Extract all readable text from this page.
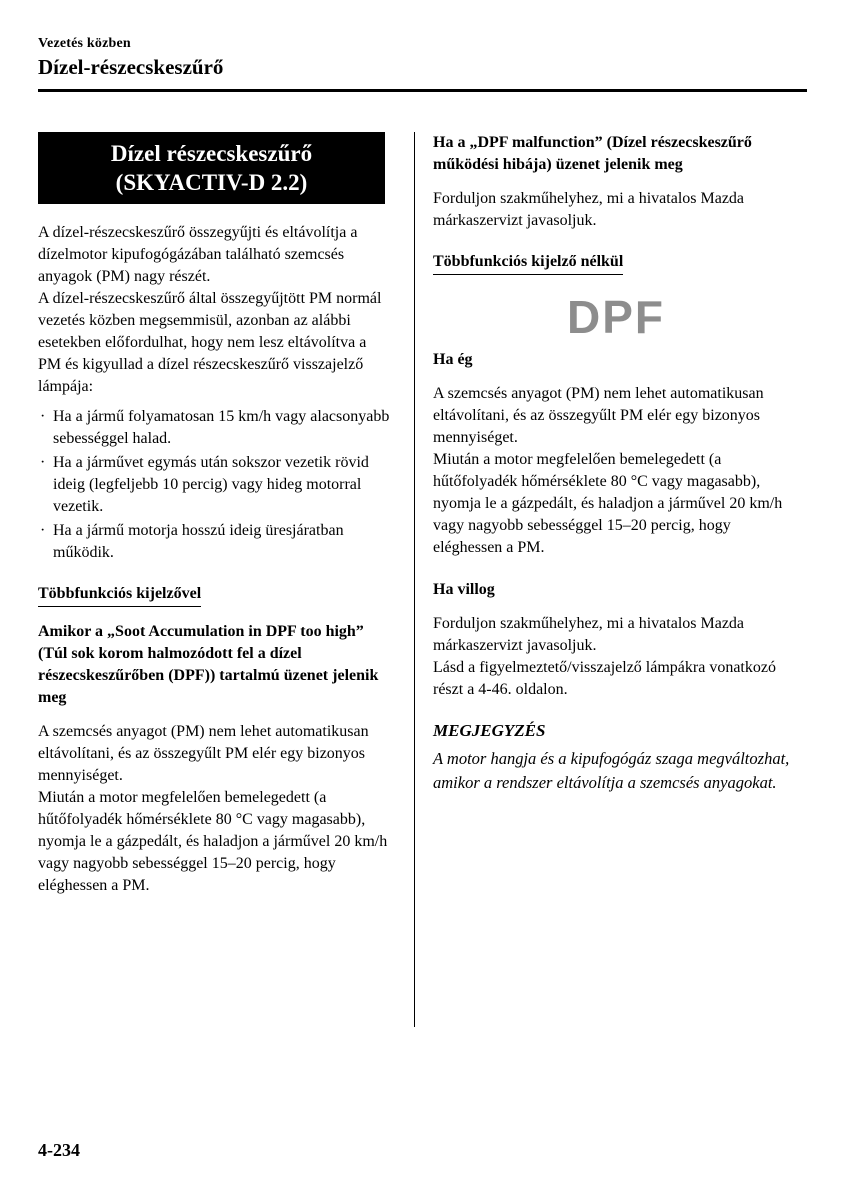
Vezetés közben
Dízel-részecskeszűrő
Dízel részecskeszűrő
(SKYACTIV-D 2.2)
A dízel-részecskeszűrő összegyűjti és eltávolítja a dízelmotor kipufogógázában található szemcsés anyagok (PM) nagy részét.
A dízel-részecskeszűrő által összegyűjtött PM normál vezetés közben megsemmisül, azonban az alábbi esetekben előfordulhat, hogy nem lesz eltávolítva a PM és kigyullad a dízel részecskeszűrő visszajelző lámpája:
· Ha a jármű folyamatosan 15 km/h vagy alacsonyabb sebességgel halad.
· Ha a járművet egymás után sokszor vezetik rövid ideig (legfeljebb 10 percig) vagy hideg motorral vezetik.
· Ha a jármű motorja hosszú ideig üresjáratban működik.
Többfunkciós kijelzővel
Amikor a „Soot Accumulation in DPF too high” (Túl sok korom halmozódott fel a dízel részecskeszűrőben (DPF)) tartalmú üzenet jelenik meg
A szemcsés anyagot (PM) nem lehet automatikusan eltávolítani, és az összegyűlt PM elér egy bizonyos mennyiséget.
Miután a motor megfelelően bemelegedett (a hűtőfolyadék hőmérséklete 80 °C vagy magasabb), nyomja le a gázpedált, és haladjon a járművel 20 km/h vagy nagyobb sebességgel 15–20 percig, hogy eléghessen a PM.
Ha a „DPF malfunction” (Dízel részecskeszűrő működési hibája) üzenet jelenik meg
Forduljon szakműhelyhez, mi a hivatalos Mazda márkaszervizt javasoljuk.
Többfunkciós kijelző nélkül
DPF
Ha ég
A szemcsés anyagot (PM) nem lehet automatikusan eltávolítani, és az összegyűlt PM elér egy bizonyos mennyiséget.
Miután a motor megfelelően bemelegedett (a hűtőfolyadék hőmérséklete 80 °C vagy magasabb), nyomja le a gázpedált, és haladjon a járművel 20 km/h vagy nagyobb sebességgel 15–20 percig, hogy eléghessen a PM.
Ha villog
Forduljon szakműhelyhez, mi a hivatalos Mazda márkaszervizt javasoljuk.
Lásd a figyelmeztető/visszajelző lámpákra vonatkozó részt a 4-46. oldalon.
MEGJEGYZÉS
A motor hangja és a kipufogógáz szaga megváltozhat, amikor a rendszer eltávolítja a szemcsés anyagokat.
4-234
